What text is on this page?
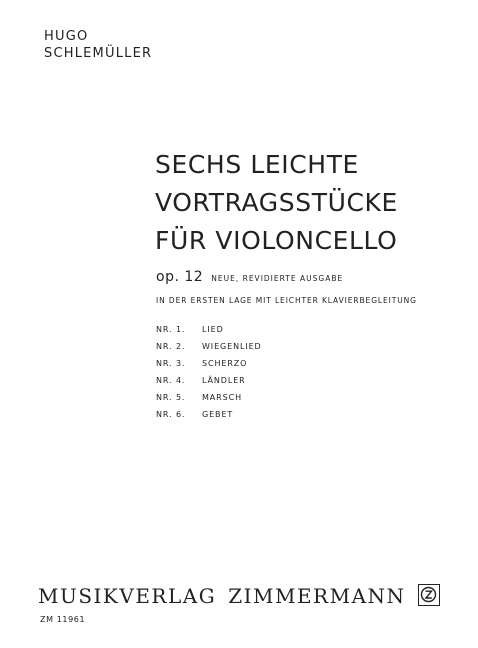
HUGO
SCHLEMÜLLER
SECHS LEICHTE
VORTRAGSSTÜCKE
FÜR VIOLONCELLO
op. 12 NEUE, REVIDIERTE AUSGABE
IN DER ERSTEN LAGE MIT LEICHTER KLAVIERBEGLEITUNG
NR. 1. LIED
NR. 2. WIEGENLIED
NR. 3. SCHERZO
NR. 4. LÄNDLER
NR. 5. MARSCH
NR. 6. GEBET
MUSIKVERLAG ZIMMERMANN
ZM 11961
